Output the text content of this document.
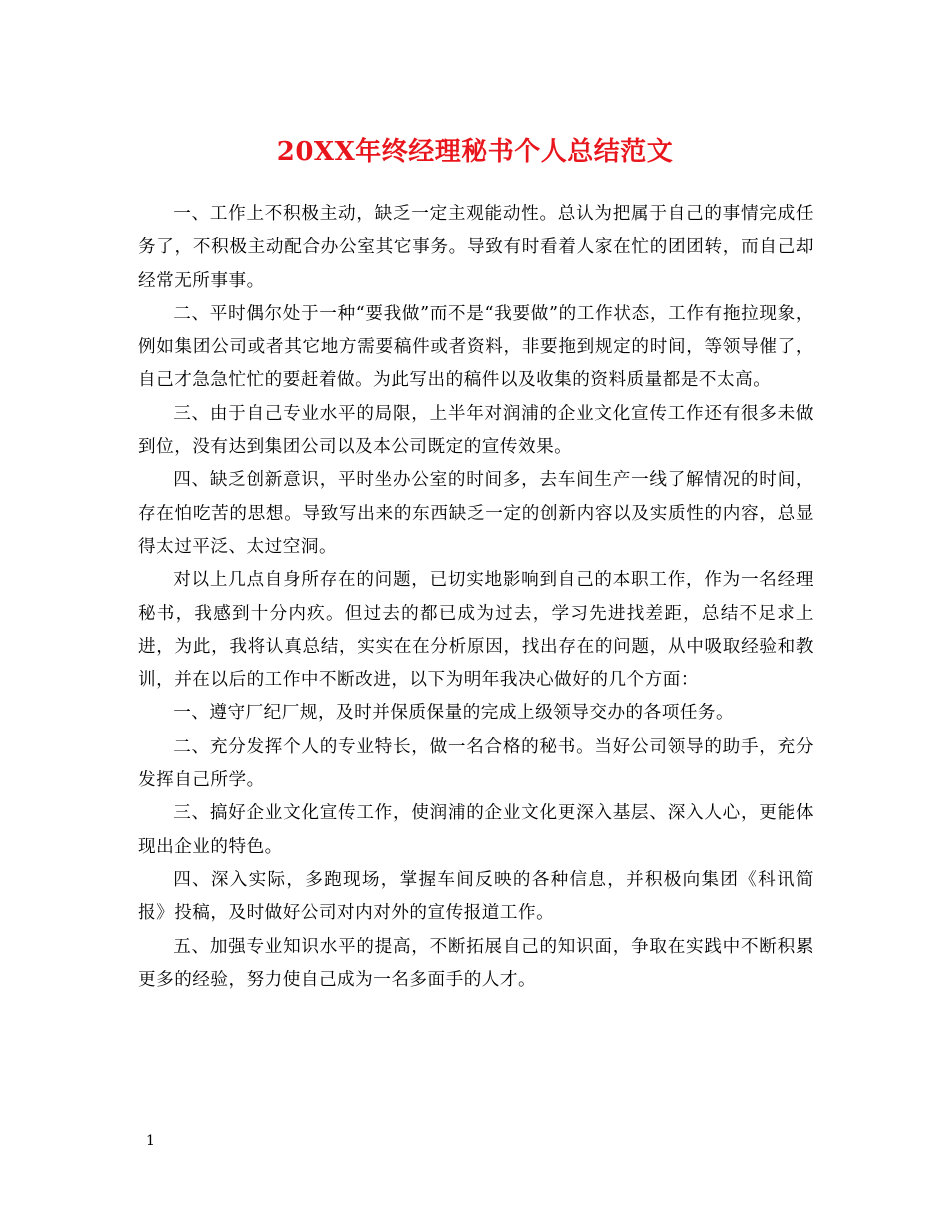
20XX年终经理秘书个人总结范文

一、工作上不积极主动，缺乏一定主观能动性。总认为把属于自己的事情完成任务了，不积极主动配合办公室其它事务。导致有时看着人家在忙的团团转，而自己却经常无所事事。

二、平时偶尔处于一种“要我做”而不是“我要做”的工作状态，工作有拖拉现象，例如集团公司或者其它地方需要稿件或者资料，非要拖到规定的时间，等领导催了，自己才急急忙忙的要赶着做。为此写出的稿件以及收集的资料质量都是不太高。

三、由于自己专业水平的局限，上半年对润浦的企业文化宣传工作还有很多未做到位，没有达到集团公司以及本公司既定的宣传效果。

四、缺乏创新意识，平时坐办公室的时间多，去车间生产一线了解情况的时间，存在怕吃苦的思想。导致写出来的东西缺乏一定的创新内容以及实质性的内容，总显得太过平泛、太过空洞。

对以上几点自身所存在的问题，已切实地影响到自己的本职工作，作为一名经理秘书，我感到十分内疚。但过去的都已成为过去，学习先进找差距，总结不足求上进，为此，我将认真总结，实实在在分析原因，找出存在的问题，从中吸取经验和教训，并在以后的工作中不断改进，以下为明年我决心做好的几个方面：

一、遵守厂纪厂规，及时并保质保量的完成上级领导交办的各项任务。

二、充分发挥个人的专业特长，做一名合格的秘书。当好公司领导的助手，充分发挥自己所学。

三、搞好企业文化宣传工作，使润浦的企业文化更深入基层、深入人心，更能体现出企业的特色。

四、深入实际，多跑现场，掌握车间反映的各种信息，并积极向集团《科讯简报》投稿，及时做好公司对内对外的宣传报道工作。

五、加强专业知识水平的提高，不断拓展自己的知识面，争取在实践中不断积累更多的经验，努力使自己成为一名多面手的人才。

1
